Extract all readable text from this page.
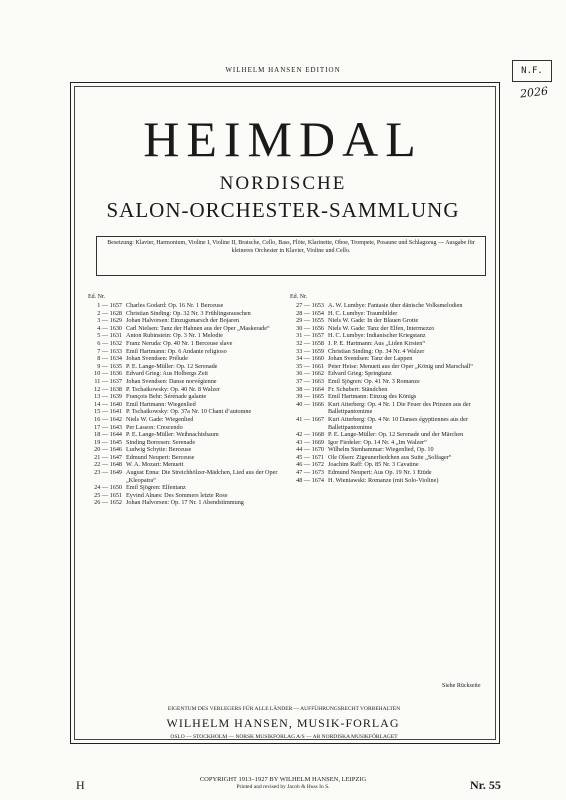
WILHELM HANSEN EDITION	N.F.
2026
HEIMDAL
NORDISCHE
SALON-ORCHESTER-SAMMLUNG
Besetzung: Klavier, Harmonium, Violine I, Violine II, Bratsche, Cello, Bass, Flöte, Klarinette, Oboe, Trompete, Posaune und Schlagzeug — Ausgabe für kleineres Orchester in Klavier, Violine und Cello.
Ed. Nr.
1 — 1657 Charles Godard: Op. 16 Nr. 1 Berceuse
2 — 1628 Christian Sinding: Op. 32 Nr. 3 Frühlingsrauschen
3 — 1629 Johan Halvorsen: Einzugsmarsch der Bojaren
4 — 1630 Carl Nielsen: Tanz der Hahnen aus der Oper „Maskerade“
5 — 1631 Anton Rubinstein: Op. 3 Nr. 1 Melodie
6 — 1632 Franz Neruda: Op. 40 Nr. 1 Berceuse slave
7 — 1633 Emil Hartmann: Op. 6 Andante religioso
8 — 1634 Johan Svendsen: Prélude
9 — 1635 P. E. Lange-Müller: Op. 12 Serenade
10 — 1636 Edvard Grieg: Aus Holbergs Zeit
11 — 1637 Johan Svendsen: Danse norvégienne
12 — 1638 P. Tschaikowsky: Op. 40 Nr. 8 Walzer
13 — 1639 François Behr: Sérénade galante
14 — 1640 Emil Hartmann: Wiegenlied
15 — 1641 P. Tschaikowsky: Op. 37a Nr. 10 Chant d’automne
16 — 1642 Niels W. Gade: Wiegenlied
17 — 1643 Per Lasson: Crescendo
18 — 1644 P. E. Lange-Müller: Weihnachtsbaum
19 — 1645 Sinding Borresen: Serenade
20 — 1646 Ludwig Schytte: Berceuse
21 — 1647 Edmund Neupert: Berceuse
22 — 1648 W. A. Mozart: Menuett
23 — 1649 August Enna: Die Streichhölzer-Mädchen, Lied aus der Oper „Kleopatra“
24 — 1650 Emil Sjögren: Elfentanz
25 — 1651 Eyvind Alnæs: Des Sommers letzte Rose
26 — 1652 Johan Halvorsen: Op. 17 Nr. 1 Abendstimmung
Ed. Nr.
27 — 1653 A. W. Lumbye: Fantasie über dänische Volksmelodien
28 — 1654 H. C. Lumbye: Traumbilder
29 — 1655 Niels W. Gade: In der Blauen Grotte
30 — 1656 Niels W. Gade: Tanz der Elfen, Intermezzo
31 — 1657 H. C. Lumbye: Indianischer Kriegstanz
32 — 1658 J. P. E. Hartmann: Aus „Liden Kirsten“
33 — 1659 Christian Sinding: Op. 34 Nr. 4 Walzer
34 — 1660 Johan Svendsen: Tanz der Lappen
35 — 1661 Peter Heise: Menuett aus der Oper „König und Marschall“
36 — 1662 Edvard Grieg: Springtanz
37 — 1663 Emil Sjögren: Op. 41 Nr. 3 Romanze
38 — 1664 Fr. Schubert: Ständchen
39 — 1665 Emil Hartmann: Einzug des Königs
40 — 1666 Kurt Atterberg: Op. 4 Nr. 1 Die Feuer des Prinzen aus der Ballettpantomime
41 — 1667 Kurt Atterberg: Op. 4 Nr. 10 Danses égyptiennes aus der Ballettpantomime
42 — 1668 P. E. Lange-Müller: Op. 12 Serenade und der Märchen
43 — 1669 Igor Fiedeler: Op. 14 Nr. 4 „Im Walzer“
44 — 1670 Wilhelm Stenhammar: Wiegenlied, Op. 10
45 — 1671 Ole Olsen: Zigeunerliedchen aus Suite „Solfager“
46 — 1672 Joachim Raff: Op. 85 Nr. 3 Cavatine
47 — 1673 Edmund Neupert: Aus Op. 19 Nr. 1 Etüde
48 — 1674 H. Wieniawski: Romanze (mit Solo-Violine)
Siehe Rückseite
EIGENTUM DES VERLEGERS FÜR ALLE LÄNDER — AUFFÜHRUNGSRECHT VORBEHALTEN
WILHELM HANSEN, MUSIK-FORLAG
OSLO — STOCKHOLM — NORSK MUSIKFORLAG A/S — AB NORDISKA MUSIKFÖRLAGET
H	COPYRIGHT 1913–1927 BY WILHELM HANSEN, LEIPZIG
Printed and revised by Jacob & Huss In S.	Nr. 55
